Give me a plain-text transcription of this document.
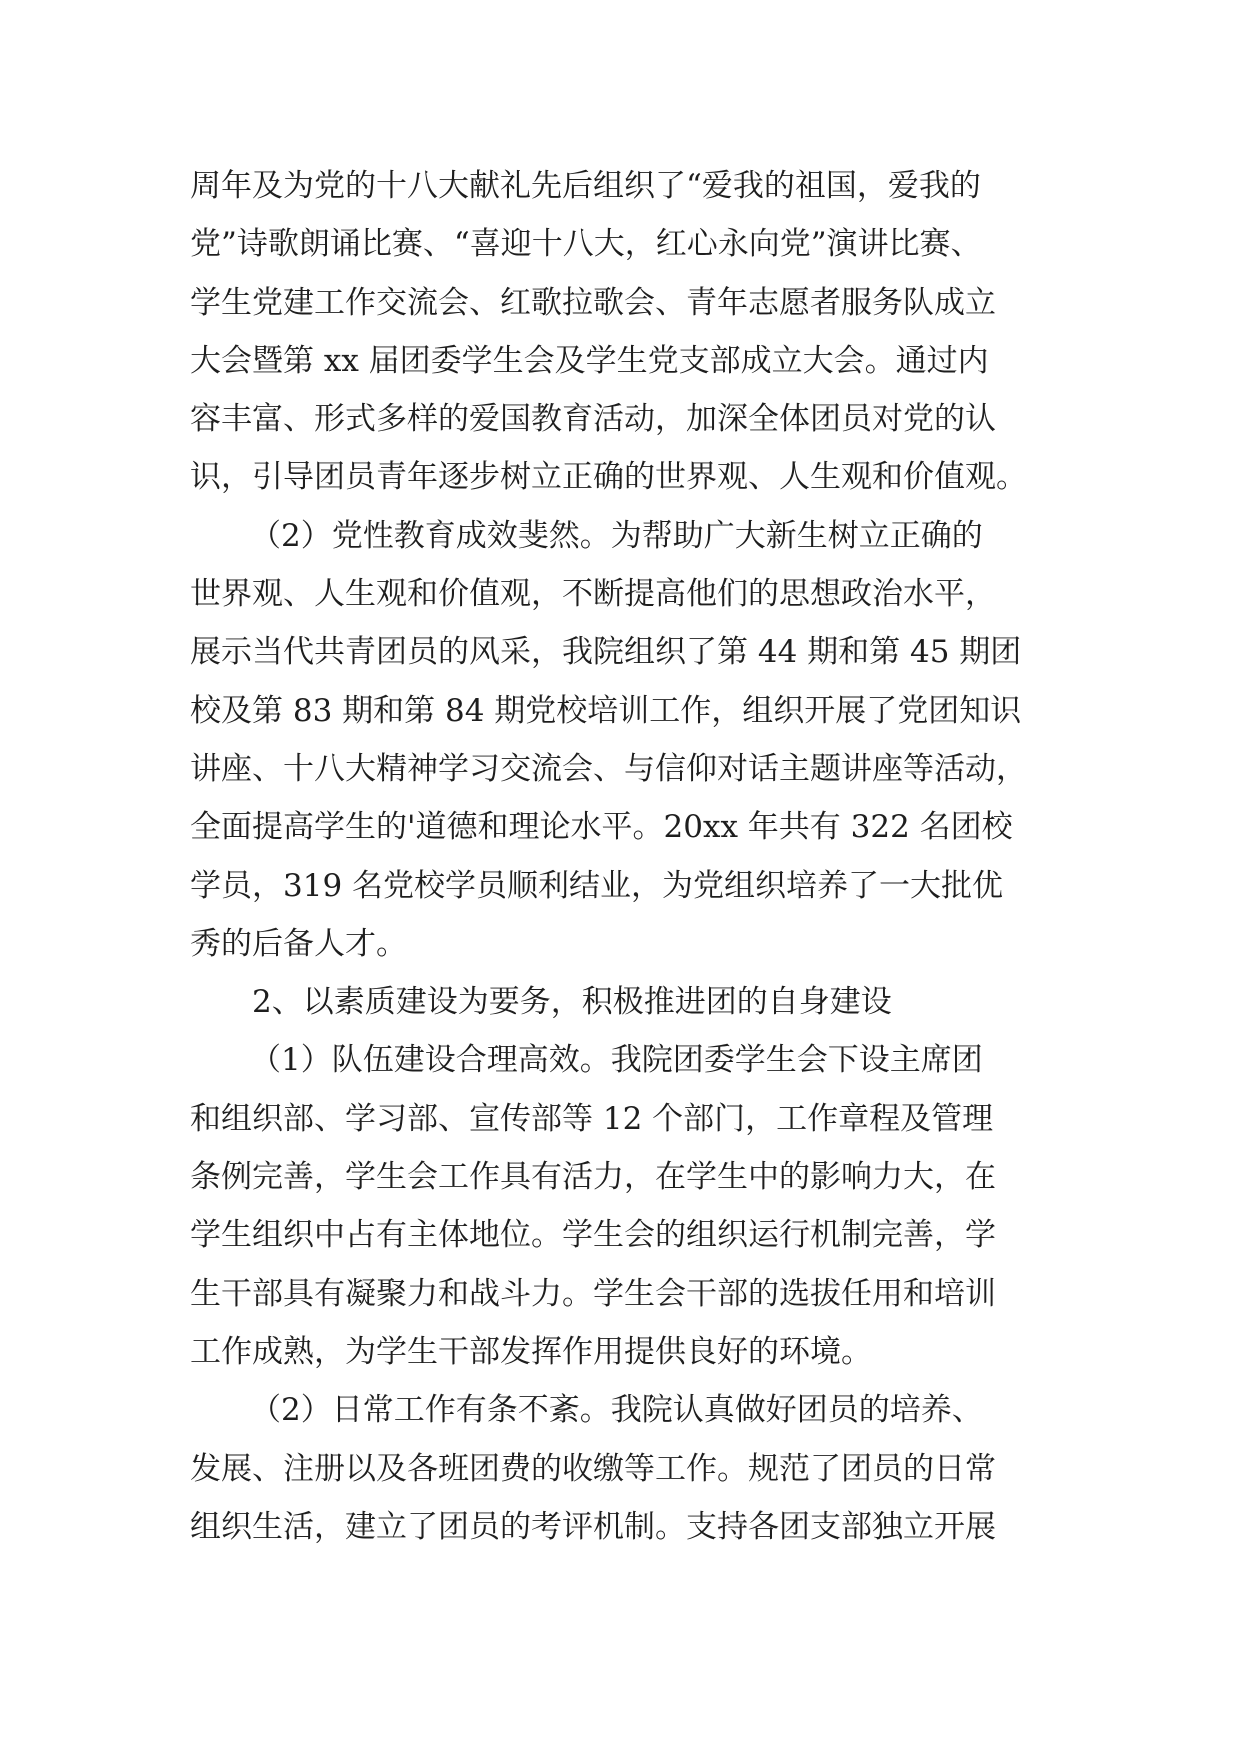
周年及为党的十八大献礼先后组织了“爱我的祖国，爱我的
党”诗歌朗诵比赛、“喜迎十八大，红心永向党”演讲比赛、
学生党建工作交流会、红歌拉歌会、青年志愿者服务队成立
大会暨第 xx 届团委学生会及学生党支部成立大会。通过内
容丰富、形式多样的爱国教育活动，加深全体团员对党的认
识，引导团员青年逐步树立正确的世界观、人生观和价值观。
（2）党性教育成效斐然。为帮助广大新生树立正确的
世界观、人生观和价值观，不断提高他们的思想政治水平，
展示当代共青团员的风采，我院组织了第 44 期和第 45 期团
校及第 83 期和第 84 期党校培训工作，组织开展了党团知识
讲座、十八大精神学习交流会、与信仰对话主题讲座等活动，
全面提高学生的'道德和理论水平。20xx 年共有 322 名团校
学员，319 名党校学员顺利结业，为党组织培养了一大批优
秀的后备人才。
2、以素质建设为要务，积极推进团的自身建设
（1）队伍建设合理高效。我院团委学生会下设主席团
和组织部、学习部、宣传部等 12 个部门，工作章程及管理
条例完善，学生会工作具有活力，在学生中的影响力大，在
学生组织中占有主体地位。学生会的组织运行机制完善，学
生干部具有凝聚力和战斗力。学生会干部的选拔任用和培训
工作成熟，为学生干部发挥作用提供良好的环境。
（2）日常工作有条不紊。我院认真做好团员的培养、
发展、注册以及各班团费的收缴等工作。规范了团员的日常
组织生活，建立了团员的考评机制。支持各团支部独立开展
